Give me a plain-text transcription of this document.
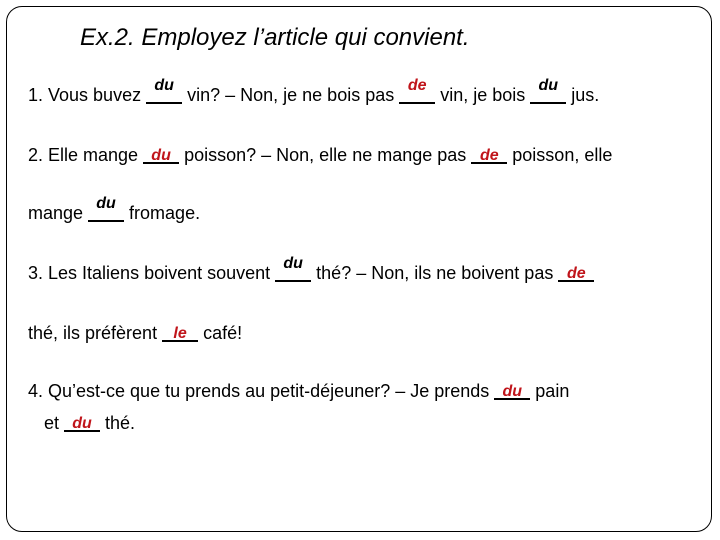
Ex.2. Employez l’article qui convient.
1. Vous buvez du vin? – Non, je ne bois pas de vin, je bois du jus.
2. Elle mange du poisson? – Non, elle ne mange pas de poisson, elle
mange du fromage.
3. Les Italiens boivent souvent du thé? – Non, ils ne boivent pas de
thé, ils préfèrent le café!
4. Qu’est-ce que tu prends au petit-déjeuner? – Je prends du pain
et du thé.
